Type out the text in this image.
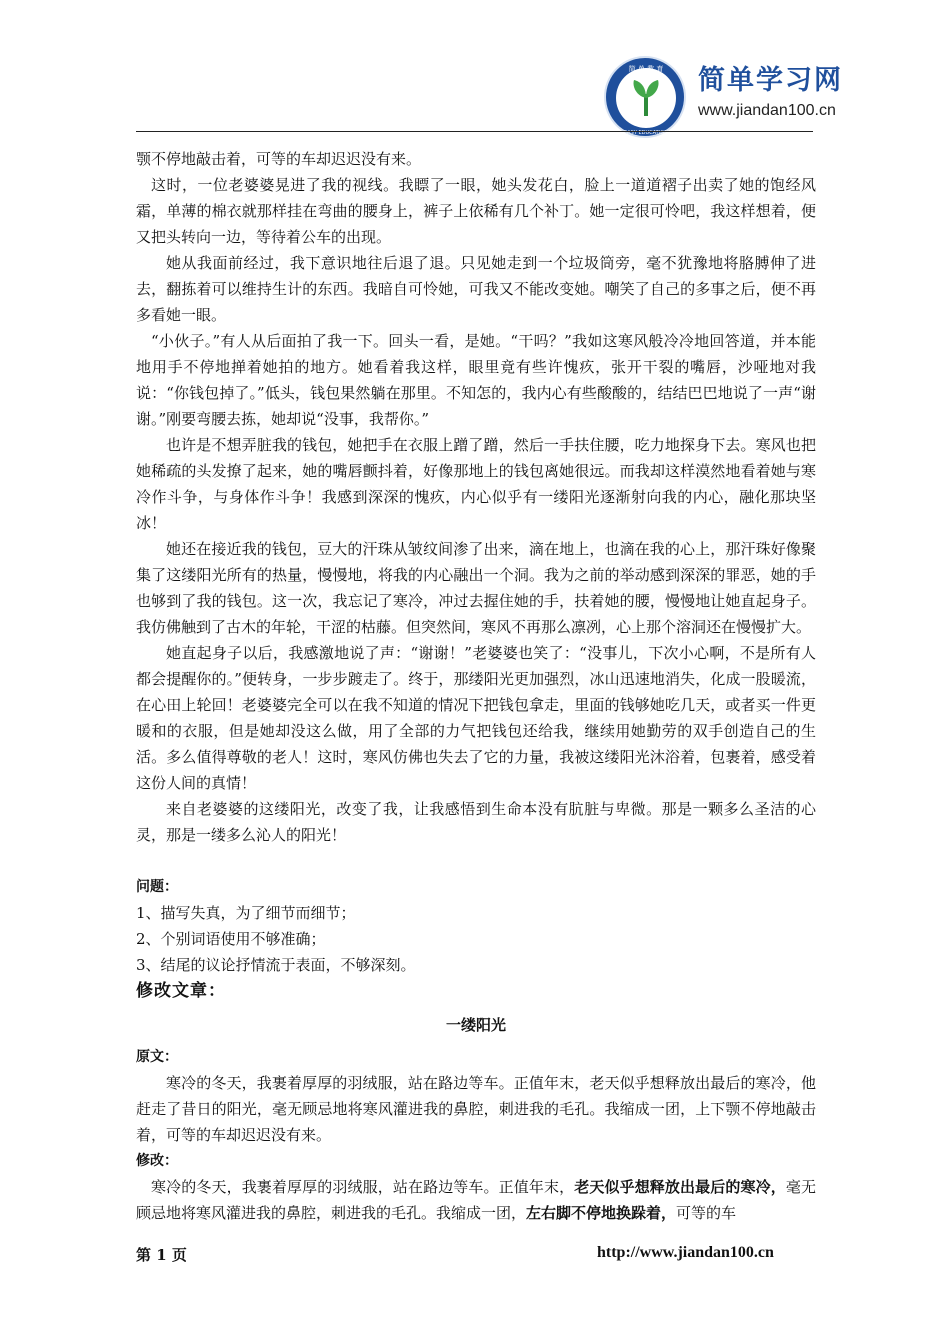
简 单 教 育
EASY EDUCATION
简单学习网
www.jiandan100.cn

颚不停地敲击着，可等的车却迟迟没有来。

这时，一位老婆婆晃进了我的视线。我瞟了一眼，她头发花白，脸上一道道褶子出卖了她的饱经风霜，单薄的棉衣就那样挂在弯曲的腰身上，裤子上依稀有几个补丁。她一定很可怜吧，我这样想着，便又把头转向一边，等待着公车的出现。

她从我面前经过，我下意识地往后退了退。只见她走到一个垃圾筒旁，毫不犹豫地将胳膊伸了进去，翻拣着可以维持生计的东西。我暗自可怜她，可我又不能改变她。嘲笑了自己的多事之后，便不再多看她一眼。

“小伙子。”有人从后面拍了我一下。回头一看，是她。“干吗？”我如这寒风般冷冷地回答道，并本能地用手不停地掸着她拍的地方。她看着我这样，眼里竟有些许愧疚，张开干裂的嘴唇，沙哑地对我说：“你钱包掉了。”低头，钱包果然躺在那里。不知怎的，我内心有些酸酸的，结结巴巴地说了一声“谢谢。”刚要弯腰去拣，她却说“没事，我帮你。”

也许是不想弄脏我的钱包，她把手在衣服上蹭了蹭，然后一手扶住腰，吃力地探身下去。寒风也把她稀疏的头发撩了起来，她的嘴唇颤抖着，好像那地上的钱包离她很远。而我却这样漠然地看着她与寒冷作斗争，与身体作斗争！我感到深深的愧疚，内心似乎有一缕阳光逐渐射向我的内心，融化那块坚冰！

她还在接近我的钱包，豆大的汗珠从皱纹间渗了出来，滴在地上，也滴在我的心上，那汗珠好像聚集了这缕阳光所有的热量，慢慢地，将我的内心融出一个洞。我为之前的举动感到深深的罪恶，她的手也够到了我的钱包。这一次，我忘记了寒冷，冲过去握住她的手，扶着她的腰，慢慢地让她直起身子。我仿佛触到了古木的年轮，干涩的枯藤。但突然间，寒风不再那么凛冽，心上那个溶洞还在慢慢扩大。

她直起身子以后，我感激地说了声：“谢谢！”老婆婆也笑了：“没事儿，下次小心啊，不是所有人都会提醒你的。”便转身，一步步踱走了。终于，那缕阳光更加强烈，冰山迅速地消失，化成一股暖流，在心田上轮回！老婆婆完全可以在我不知道的情况下把钱包拿走，里面的钱够她吃几天，或者买一件更暖和的衣服，但是她却没这么做，用了全部的力气把钱包还给我，继续用她勤劳的双手创造自己的生活。多么值得尊敬的老人！这时，寒风仿佛也失去了它的力量，我被这缕阳光沐浴着，包裹着，感受着这份人间的真情！

来自老婆婆的这缕阳光，改变了我，让我感悟到生命本没有肮脏与卑微。那是一颗多么圣洁的心灵，那是一缕多么沁人的阳光！

问题：

1、描写失真，为了细节而细节；

2、个别词语使用不够准确；

3、结尾的议论抒情流于表面，不够深刻。

修改文章：

一缕阳光

原文：

寒冷的冬天，我裹着厚厚的羽绒服，站在路边等车。正值年末，老天似乎想释放出最后的寒冷，他赶走了昔日的阳光，毫无顾忌地将寒风灌进我的鼻腔，刺进我的毛孔。我缩成一团，上下颚不停地敲击着，可等的车却迟迟没有来。

修改：

寒冷的冬天，我裹着厚厚的羽绒服，站在路边等车。正值年末，老天似乎想释放出最后的寒冷，毫无顾忌地将寒风灌进我的鼻腔，刺进我的毛孔。我缩成一团，左右脚不停地换跺着，可等的车

第 1 页	http://www.jiandan100.cn
